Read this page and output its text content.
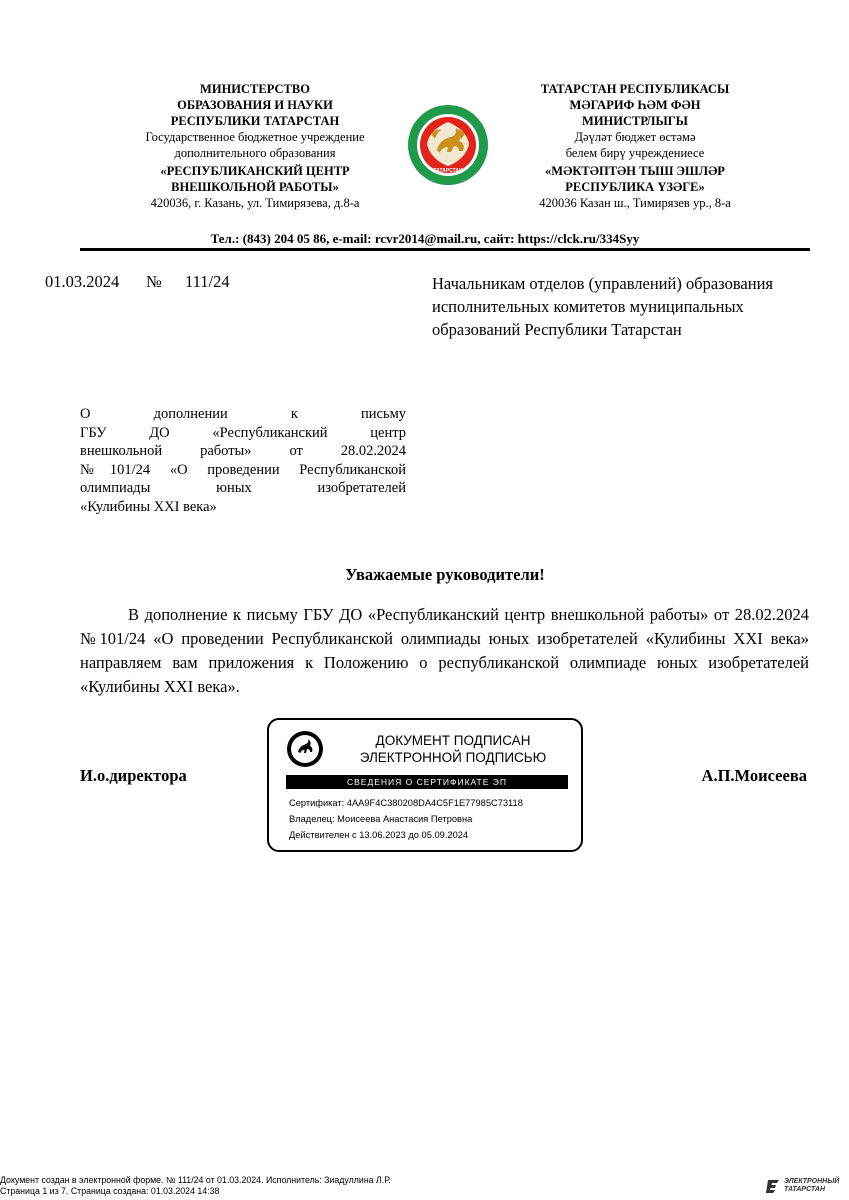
МИНИСТЕРСТВО
ОБРАЗОВАНИЯ И НАУКИ
РЕСПУБЛИКИ ТАТАРСТАН
Государственное бюджетное учреждение
дополнительного образования
«РЕСПУБЛИКАНСКИЙ ЦЕНТР
ВНЕШКОЛЬНОЙ РАБОТЫ»
420036, г. Казань, ул. Тимирязева, д.8-а
ТАТАРСТАН
ТАТАРСТАН РЕСПУБЛИКАСЫ
МӘГАРИФ ҺӘМ ФӘН
МИНИСТРЛЫГЫ
Дәүләт бюджет өстәмә
белем бирү учреждениесе
«МӘКТӘПТӘН ТЫШ ЭШЛӘР
РЕСПУБЛИКА ҮЗӘГЕ»
420036 Казан ш., Тимирязев ур., 8-а
Тел.: (843) 204 05 86, e-mail: rcvr2014@mail.ru, сайт: https://clck.ru/334Syy
01.03.2024 № 111/24	Начальникам отделов (управлений) образования исполнительных комитетов муниципальных образований Республики Татарстан
О дополнении к письму
ГБУ ДО «Республиканский центр
внешкольной работы» от 28.02.2024
№101/24 «О проведении Республиканской
олимпиады юных изобретателей
«Кулибины XXI века»
Уважаемые руководители!
В дополнение к письму ГБУ ДО «Республиканский центр внешкольной работы» от 28.02.2024 №101/24 «О проведении Республиканской олимпиады юных изобретателей «Кулибины XXI века» направляем вам приложения к Положению о республиканской олимпиаде юных изобретателей «Кулибины XXI века».
И.о.директора	А.П.Моисеева
ДОКУМЕНТ ПОДПИСАН
ЭЛЕКТРОННОЙ ПОДПИСЬЮ
СВЕДЕНИЯ О СЕРТИФИКАТЕ ЭП
Сертификат: 4AA9F4C380208DA4C5F1E77985C73118
Владелец: Моисеева Анастасия Петровна
Действителен с 13.06.2023 до 05.09.2024
Документ создан в электронной форме. № 111/24 от 01.03.2024. Исполнитель: Зиадуллина Л.Р.
Страница 1 из 7. Страница создана: 01.03.2024 14:38
ЭЛЕКТРОННЫЙ
ТАТАРСТАН
